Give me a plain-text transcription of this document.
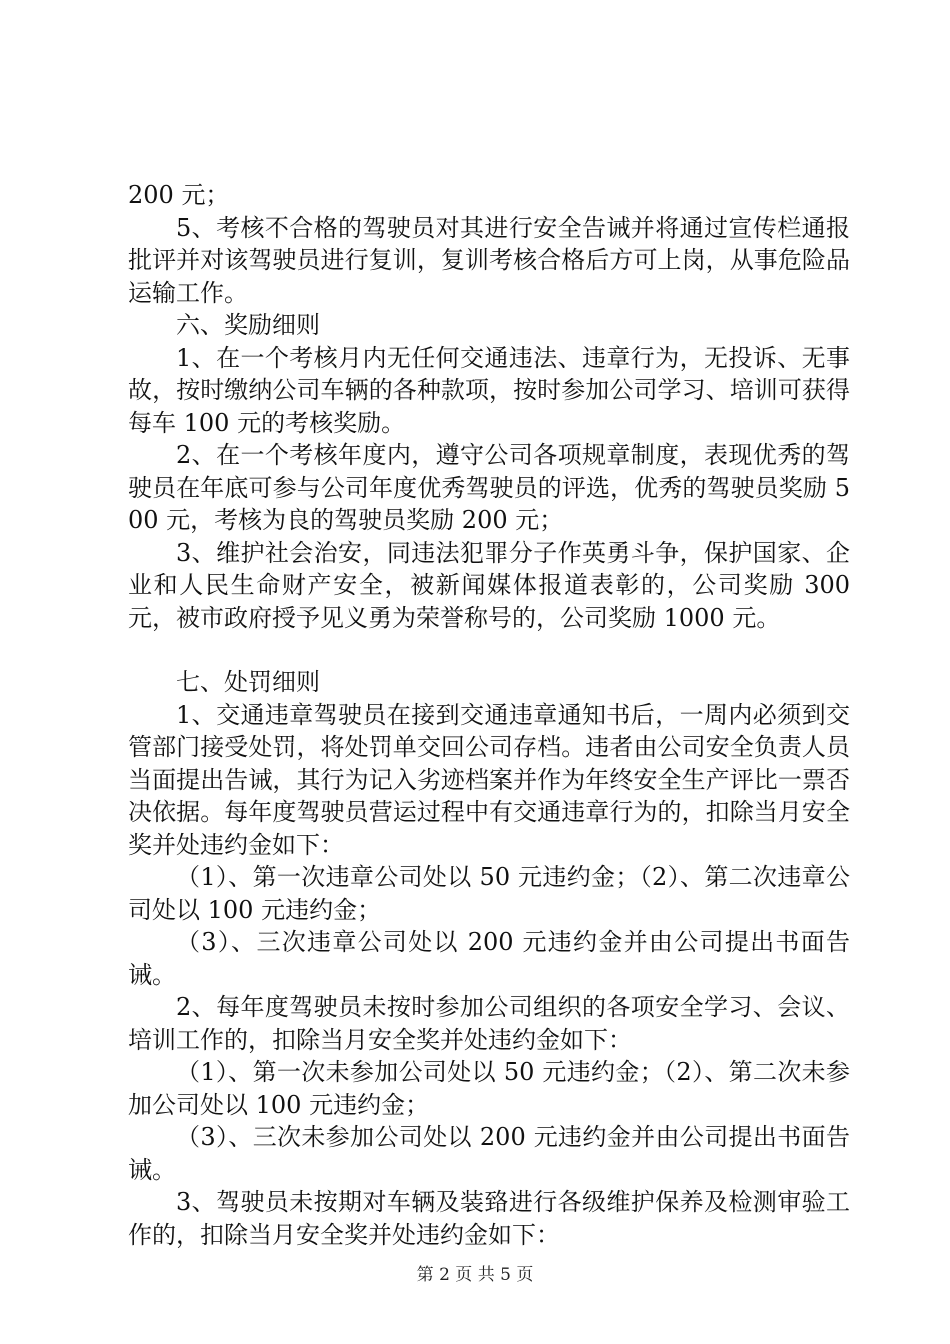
200 元；

5、考核不合格的驾驶员对其进行安全告诫并将通过宣传栏通报批评并对该驾驶员进行复训，复训考核合格后方可上岗，从事危险品运输工作。

六、奖励细则

1、在一个考核月内无任何交通违法、违章行为，无投诉、无事故，按时缴纳公司车辆的各种款项，按时参加公司学习、培训可获得每车 100 元的考核奖励。

2、在一个考核年度内，遵守公司各项规章制度，表现优秀的驾驶员在年底可参与公司年度优秀驾驶员的评选，优秀的驾驶员奖励 500 元，考核为良的驾驶员奖励 200 元；

3、维护社会治安，同违法犯罪分子作英勇斗争，保护国家、企业和人民生命财产安全，被新闻媒体报道表彰的，公司奖励 300 元，被市政府授予见义勇为荣誉称号的，公司奖励 1000 元。

七、处罚细则

1、交通违章驾驶员在接到交通违章通知书后，一周内必须到交管部门接受处罚，将处罚单交回公司存档。违者由公司安全负责人员当面提出告诫，其行为记入劣迹档案并作为年终安全生产评比一票否决依据。每年度驾驶员营运过程中有交通违章行为的，扣除当月安全奖并处违约金如下：

（1）、第一次违章公司处以 50 元违约金；（2）、第二次违章公司处以 100 元违约金；

（3）、三次违章公司处以 200 元违约金并由公司提出书面告诫。

2、每年度驾驶员未按时参加公司组织的各项安全学习、会议、培训工作的，扣除当月安全奖并处违约金如下：

（1）、第一次未参加公司处以 50 元违约金；（2）、第二次未参加公司处以 100 元违约金；

（3）、三次未参加公司处以 200 元违约金并由公司提出书面告诫。

3、驾驶员未按期对车辆及装臵进行各级维护保养及检测审验工作的，扣除当月安全奖并处违约金如下：

第 2 页 共 5 页
